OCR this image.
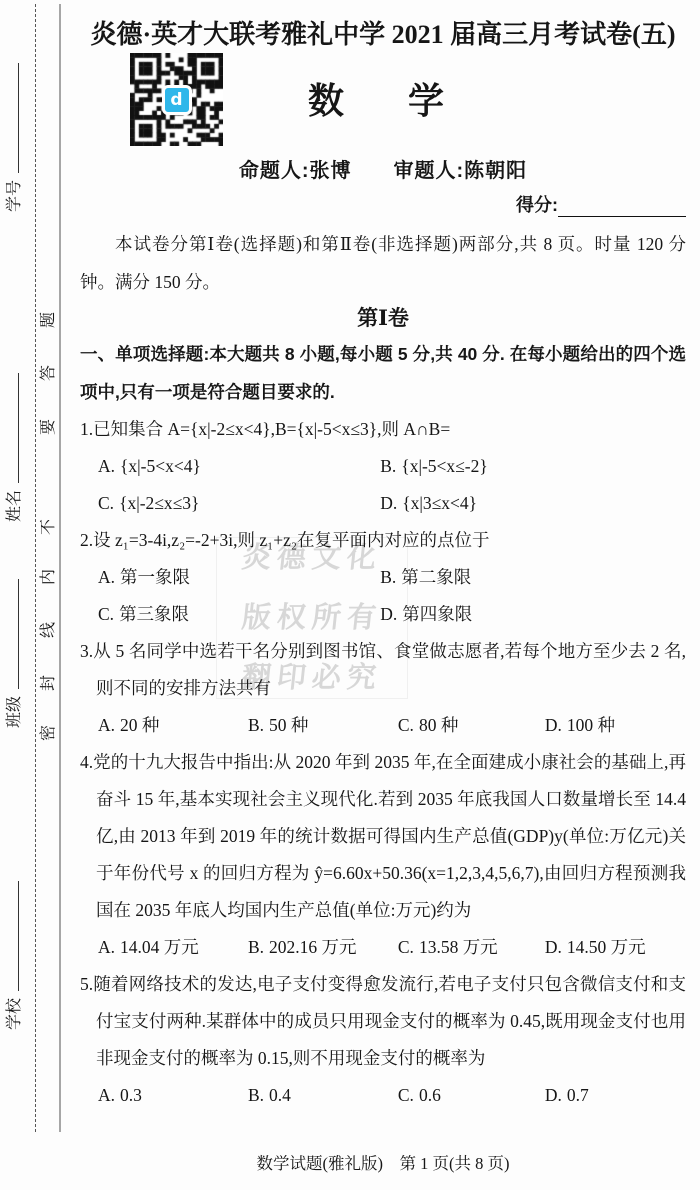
学号
姓名
班级
学校
题
答
要
不
内
线
封
密
炎德文化
版权所有
翻印必究
炎德·英才大联考雅礼中学 2021 届高三月考试卷(五)
d	数　学
命题人:张博　　审题人:陈朝阳
得分:
本试卷分第Ⅰ卷(选择题)和第Ⅱ卷(非选择题)两部分,共 8 页。时量 120 分钟。满分 150 分。
第Ⅰ卷
一、单项选择题:本大题共 8 小题,每小题 5 分,共 40 分. 在每小题给出的四个选项中,只有一项是符合题目要求的.
1.已知集合 A={x|-2≤x<4},B={x|-5<x≤3},则 A∩B=
A. {x|-5<x<4}	B. {x|-5<x≤-2}
C. {x|-2≤x≤3}	D. {x|3≤x<4}
2.设 z₁=3-4i,z₂=-2+3i,则 z₁+z₂在复平面内对应的点位于
A. 第一象限	B. 第二象限
C. 第三象限	D. 第四象限
3.从 5 名同学中选若干名分别到图书馆、食堂做志愿者,若每个地方至少去 2 名,则不同的安排方法共有
A. 20 种	B. 50 种	C. 80 种	D. 100 种
4.党的十九大报告中指出:从 2020 年到 2035 年,在全面建成小康社会的基础上,再奋斗 15 年,基本实现社会主义现代化.若到 2035 年底我国人口数量增长至 14.4 亿,由 2013 年到 2019 年的统计数据可得国内生产总值(GDP)y(单位:万亿元)关于年份代号 x 的回归方程为 ŷ=6.60x+50.36(x=1,2,3,4,5,6,7),由回归方程预测我国在 2035 年底人均国内生产总值(单位:万元)约为
A. 14.04 万元	B. 202.16 万元	C. 13.58 万元	D. 14.50 万元
5.随着网络技术的发达,电子支付变得愈发流行,若电子支付只包含微信支付和支付宝支付两种.某群体中的成员只用现金支付的概率为 0.45,既用现金支付也用非现金支付的概率为 0.15,则不用现金支付的概率为
A. 0.3	B. 0.4	C. 0.6	D. 0.7
数学试题(雅礼版)　第 1 页(共 8 页)
